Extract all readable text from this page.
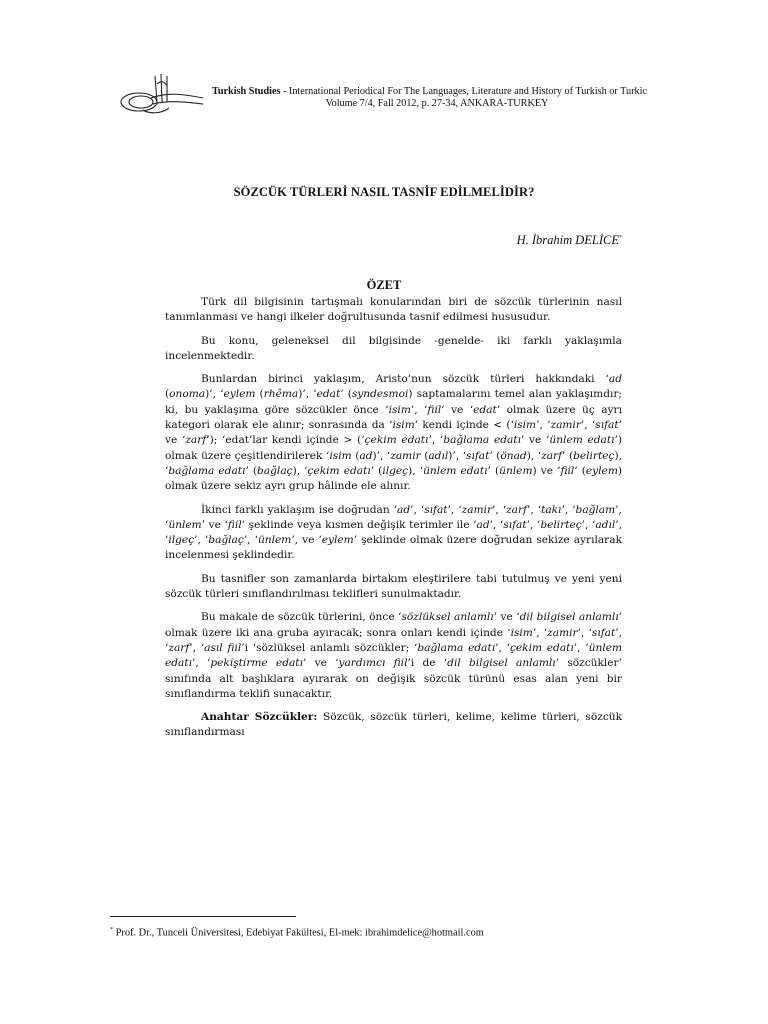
Turkish Studies - International Periodical For The Languages, Literature and History of Turkish or Turkic
Volume 7/4, Fall 2012, p. 27-34, ANKARA-TURKEY
SÖZCÜK TÜRLERİ NASIL TASNİF EDİLMELİDİR?
H. İbrahim DELİCE*
ÖZET

Türk dil bilgisinin tartışmalı konularından biri de sözcük türlerinin nasıl tanımlanması ve hangi ilkeler doğrultusunda tasnif edilmesi hususudur.

Bu konu, geleneksel dil bilgisinde -genelde- iki farklı yaklaşımla incelenmektedir.

Bunlardan birinci yaklaşım, Aristo’nun sözcük türleri hakkındaki ‘ad (onoma)’, ‘eylem (rhêma)’, ‘edat’ (syndesmoi) saptamalarını temel alan yaklaşımdır; ki, bu yaklaşıma göre sözcükler önce ‘isim’, ‘fiil’ ve ‘edat’ olmak üzere üç ayrı kategori olarak ele alınır; sonrasında da ‘isim’ kendi içinde < (‘isim’, ‘zamir’, ‘sıfat’ ve ‘zarf’); ‘edat’lar kendi içinde > (‘çekim edatı’, ‘bağlama edatı’ ve ‘ünlem edatı’) olmak üzere çeşitlendirilerek ‘isim (ad)’, ‘zamir (adıl)’, ‘sıfat’ (önad), ‘zarf’ (belirteç), ‘bağlama edatı’ (bağlaç), ‘çekim edatı’ (ilgeç), ‘ünlem edatı’ (ünlem) ve ‘fiil’ (eylem) olmak üzere sekiz ayrı grup hâlinde ele alınır.

İkinci farklı yaklaşım ise doğrudan ‘ad’, ‘sıfat’, ‘zamir’, ‘zarf’, ‘takı’, ‘bağlam’, ‘ünlem’ ve ‘fiil’ şeklinde veya kısmen değişik terimler ile ‘ad’, ‘sıfat’, ‘belirteç’, ‘adıl’, ‘ilgeç’, ‘bağlaç’, ‘ünlem’, ve ‘eylem’ şeklinde olmak üzere doğrudan sekize ayrılarak incelenmesi şeklindedir.

Bu tasnifler son zamanlarda birtakım eleştirilere tabi tutulmuş ve yeni yeni sözcük türleri sınıflandırılması teklifleri sunulmaktadır.

Bu makale de sözcük türlerini, önce ‘sözlüksel anlamlı’ ve ‘dil bilgisel anlamlı’ olmak üzere iki ana gruba ayıracak; sonra onları kendi içinde ‘isim’, ‘zamir’, ‘sıfat’, ‘zarf’, ‘asıl fiil’i ‘sözlüksel anlamlı sözcükler; ‘bağlama edatı’, ‘çekim edatı’, ‘ünlem edatı’, ‘pekiştirme edatı’ ve ‘yardımcı fiil’i de ‘dil bilgisel anlamlı’ sözcükler’ sınıfında alt başlıklara ayırarak on değişik sözcük türünü esas alan yeni bir sınıflandırma teklifi sunacaktır.

Anahtar Sözcükler: Sözcük, sözcük türleri, kelime, kelime türleri, sözcük sınıflandırması

* Prof. Dr., Tunceli Üniversitesi, Edebiyat Fakültesi, El-mek: ibrahimdelice@hotmail.com
